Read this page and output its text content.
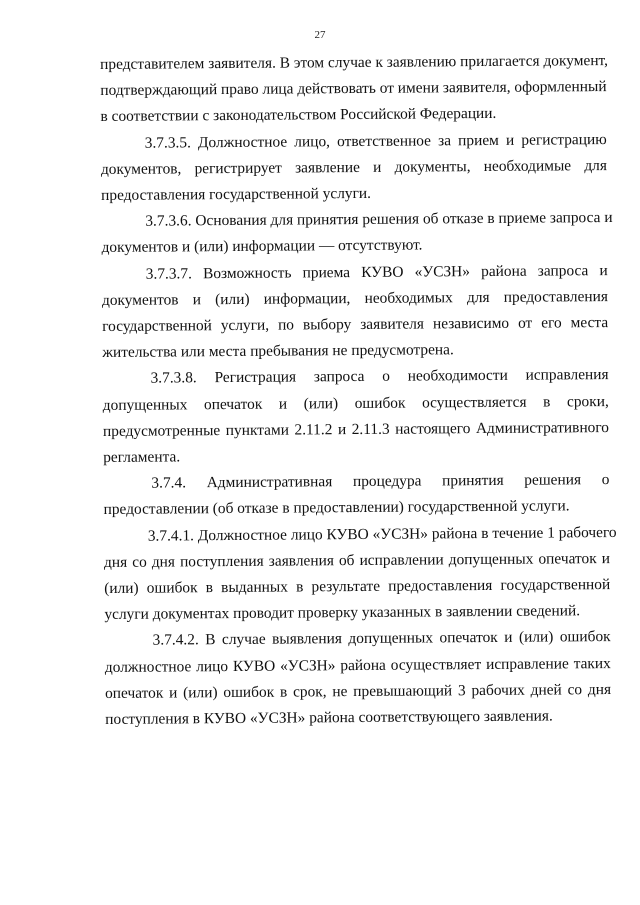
27
представителем заявителя. В этом случае к заявлению прилагается документ,
подтверждающий право лица действовать от имени заявителя, оформленный
в соответствии с законодательством Российской Федерации.
3.7.3.5. Должностное лицо, ответственное за прием и регистрацию
документов, регистрирует заявление и документы, необходимые для
предоставления государственной услуги.
3.7.3.6. Основания для принятия решения об отказе в приеме запроса и
документов и (или) информации — отсутствуют.
3.7.3.7. Возможность приема КУВО «УСЗН» района запроса и
документов и (или) информации, необходимых для предоставления
государственной услуги, по выбору заявителя независимо от его места
жительства или места пребывания не предусмотрена.
3.7.3.8. Регистрация запроса о необходимости исправления
допущенных опечаток и (или) ошибок осуществляется в сроки,
предусмотренные пунктами 2.11.2 и 2.11.3 настоящего Административного
регламента.
3.7.4. Административная процедура принятия решения о
предоставлении (об отказе в предоставлении) государственной услуги.
3.7.4.1. Должностное лицо КУВО «УСЗН» района в течение 1 рабочего
дня со дня поступления заявления об исправлении допущенных опечаток и
(или) ошибок в выданных в результате предоставления государственной
услуги документах проводит проверку указанных в заявлении сведений.
3.7.4.2. В случае выявления допущенных опечаток и (или) ошибок
должностное лицо КУВО «УСЗН» района осуществляет исправление таких
опечаток и (или) ошибок в срок, не превышающий 3 рабочих дней со дня
поступления в КУВО «УСЗН» района соответствующего заявления.
